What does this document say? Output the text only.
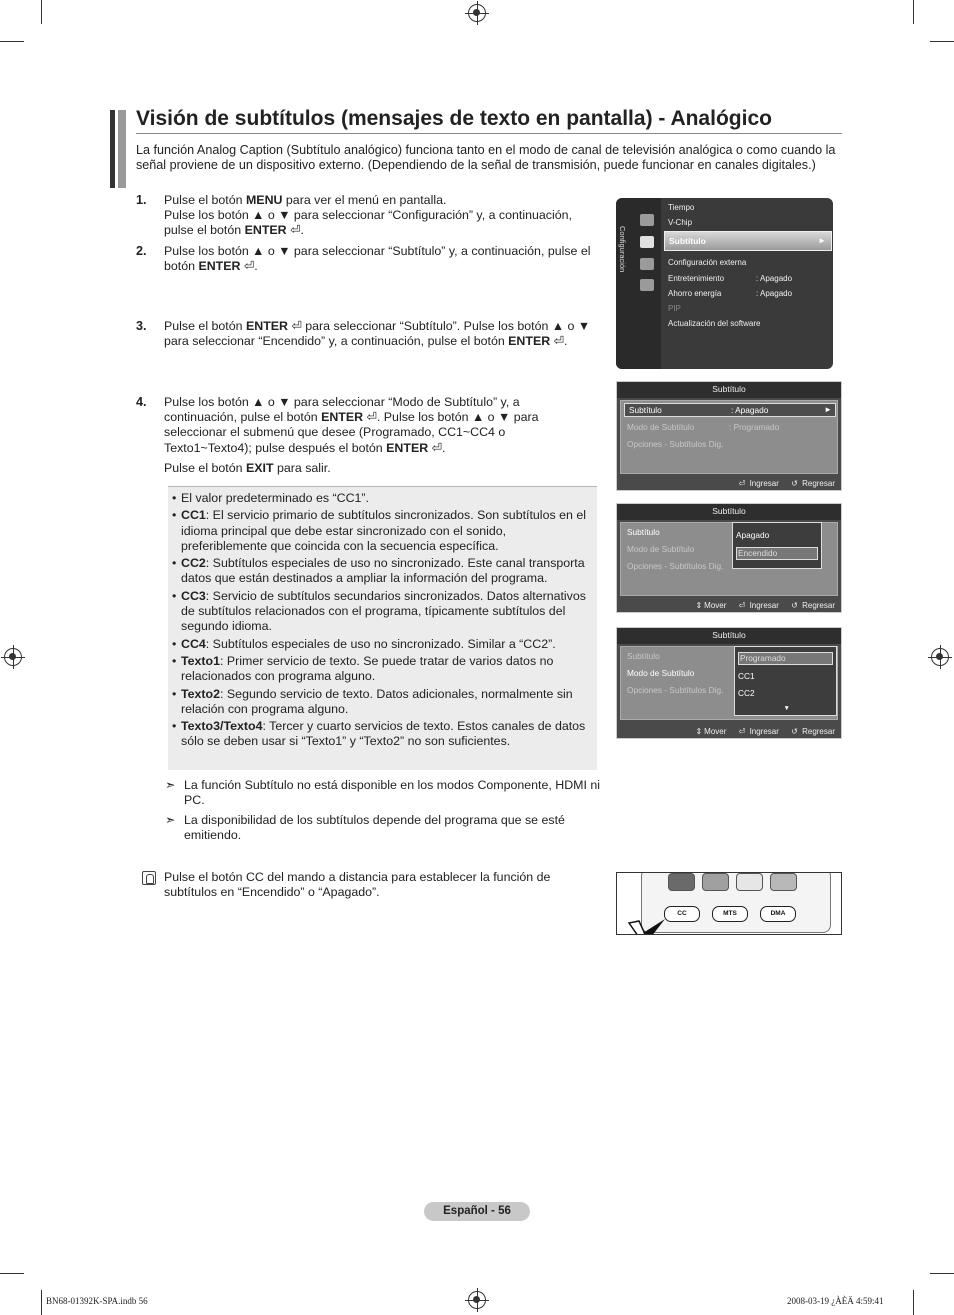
Visión de subtítulos (mensajes de texto en pantalla) - Analógico

La función Analog Caption (Subtítulo analógico) funciona tanto en el modo de canal de televisión analógica o como cuando la señal proviene de un dispositivo externo. (Dependiendo de la señal de transmisión, puede funcionar en canales digitales.)

1. Pulse el botón MENU para ver el menú en pantalla.

Pulse los botón ▲ o ▼ para seleccionar “Configuración” y, a continuación, pulse el botón ENTER ⏎.

2. Pulse los botón ▲ o ▼ para seleccionar “Subtítulo” y, a continuación, pulse el botón ENTER ⏎.

3. Pulse el botón ENTER ⏎ para seleccionar “Subtítulo”. Pulse los botón ▲ o ▼ para seleccionar “Encendido” y, a continuación, pulse el botón ENTER ⏎.

4. Pulse los botón ▲ o ▼ para seleccionar “Modo de Subtítulo” y, a continuación, pulse el botón ENTER ⏎. Pulse los botón ▲ o ▼ para seleccionar el submenú que desee (Programado, CC1~CC4 o Texto1~Texto4); pulse después el botón ENTER ⏎.

Pulse el botón EXIT para salir.

• El valor predeterminado es “CC1”.
• CC1: El servicio primario de subtítulos sincronizados. Son subtítulos en el idioma principal que debe estar sincronizado con el sonido, preferiblemente que coincida con la secuencia específica.
• CC2: Subtítulos especiales de uso no sincronizado. Este canal transporta datos que están destinados a ampliar la información del programa.
• CC3: Servicio de subtítulos secundarios sincronizados. Datos alternativos de subtítulos relacionados con el programa, típicamente subtítulos del segundo idioma.
• CC4: Subtítulos especiales de uso no sincronizado. Similar a “CC2”.
• Texto1: Primer servicio de texto. Se puede tratar de varios datos no relacionados con programa alguno.
• Texto2: Segundo servicio de texto. Datos adicionales, normalmente sin relación con programa alguno.
• Texto3/Texto4: Tercer y cuarto servicios de texto. Estos canales de datos sólo se deben usar si “Texto1” y “Texto2” no son suficientes.
➣ La función Subtítulo no está disponible en los modos Componente, HDMI ni PC.
➣ La disponibilidad de los subtítulos depende del programa que se esté emitiendo.
Pulse el botón CC del mando a distancia para establecer la función de subtítulos en “Encendido” o “Apagado”.
Configuración
Tiempo
V-Chip
Subtítulo	►
Configuración externa
Entretenimiento	: Apagado
Ahorro energía	: Apagado
PIP
Actualización del software
Subtítulo
Subtítulo	: Apagado	►
Modo de Subtítulo	: Programado
Opciones - Subtítulos Dig.
⏎ Ingresar ↺ Regresar
Subtítulo
Subtítulo
Modo de Subtítulo
Opciones - Subtítulos Dig.
Apagado
Encendido
⇕ Mover ⏎ Ingresar ↺ Regresar
Subtítulo
Subtítulo
Modo de Subtítulo
Opciones - Subtítulos Dig.
Programado
CC1
CC2
▼
⇕ Mover ⏎ Ingresar ↺ Regresar
CC	MTS	DMA
Español - 56
BN68-01392K-SPA.indb 56	2008-03-19 ¿ÀÈÄ 4:59:41
